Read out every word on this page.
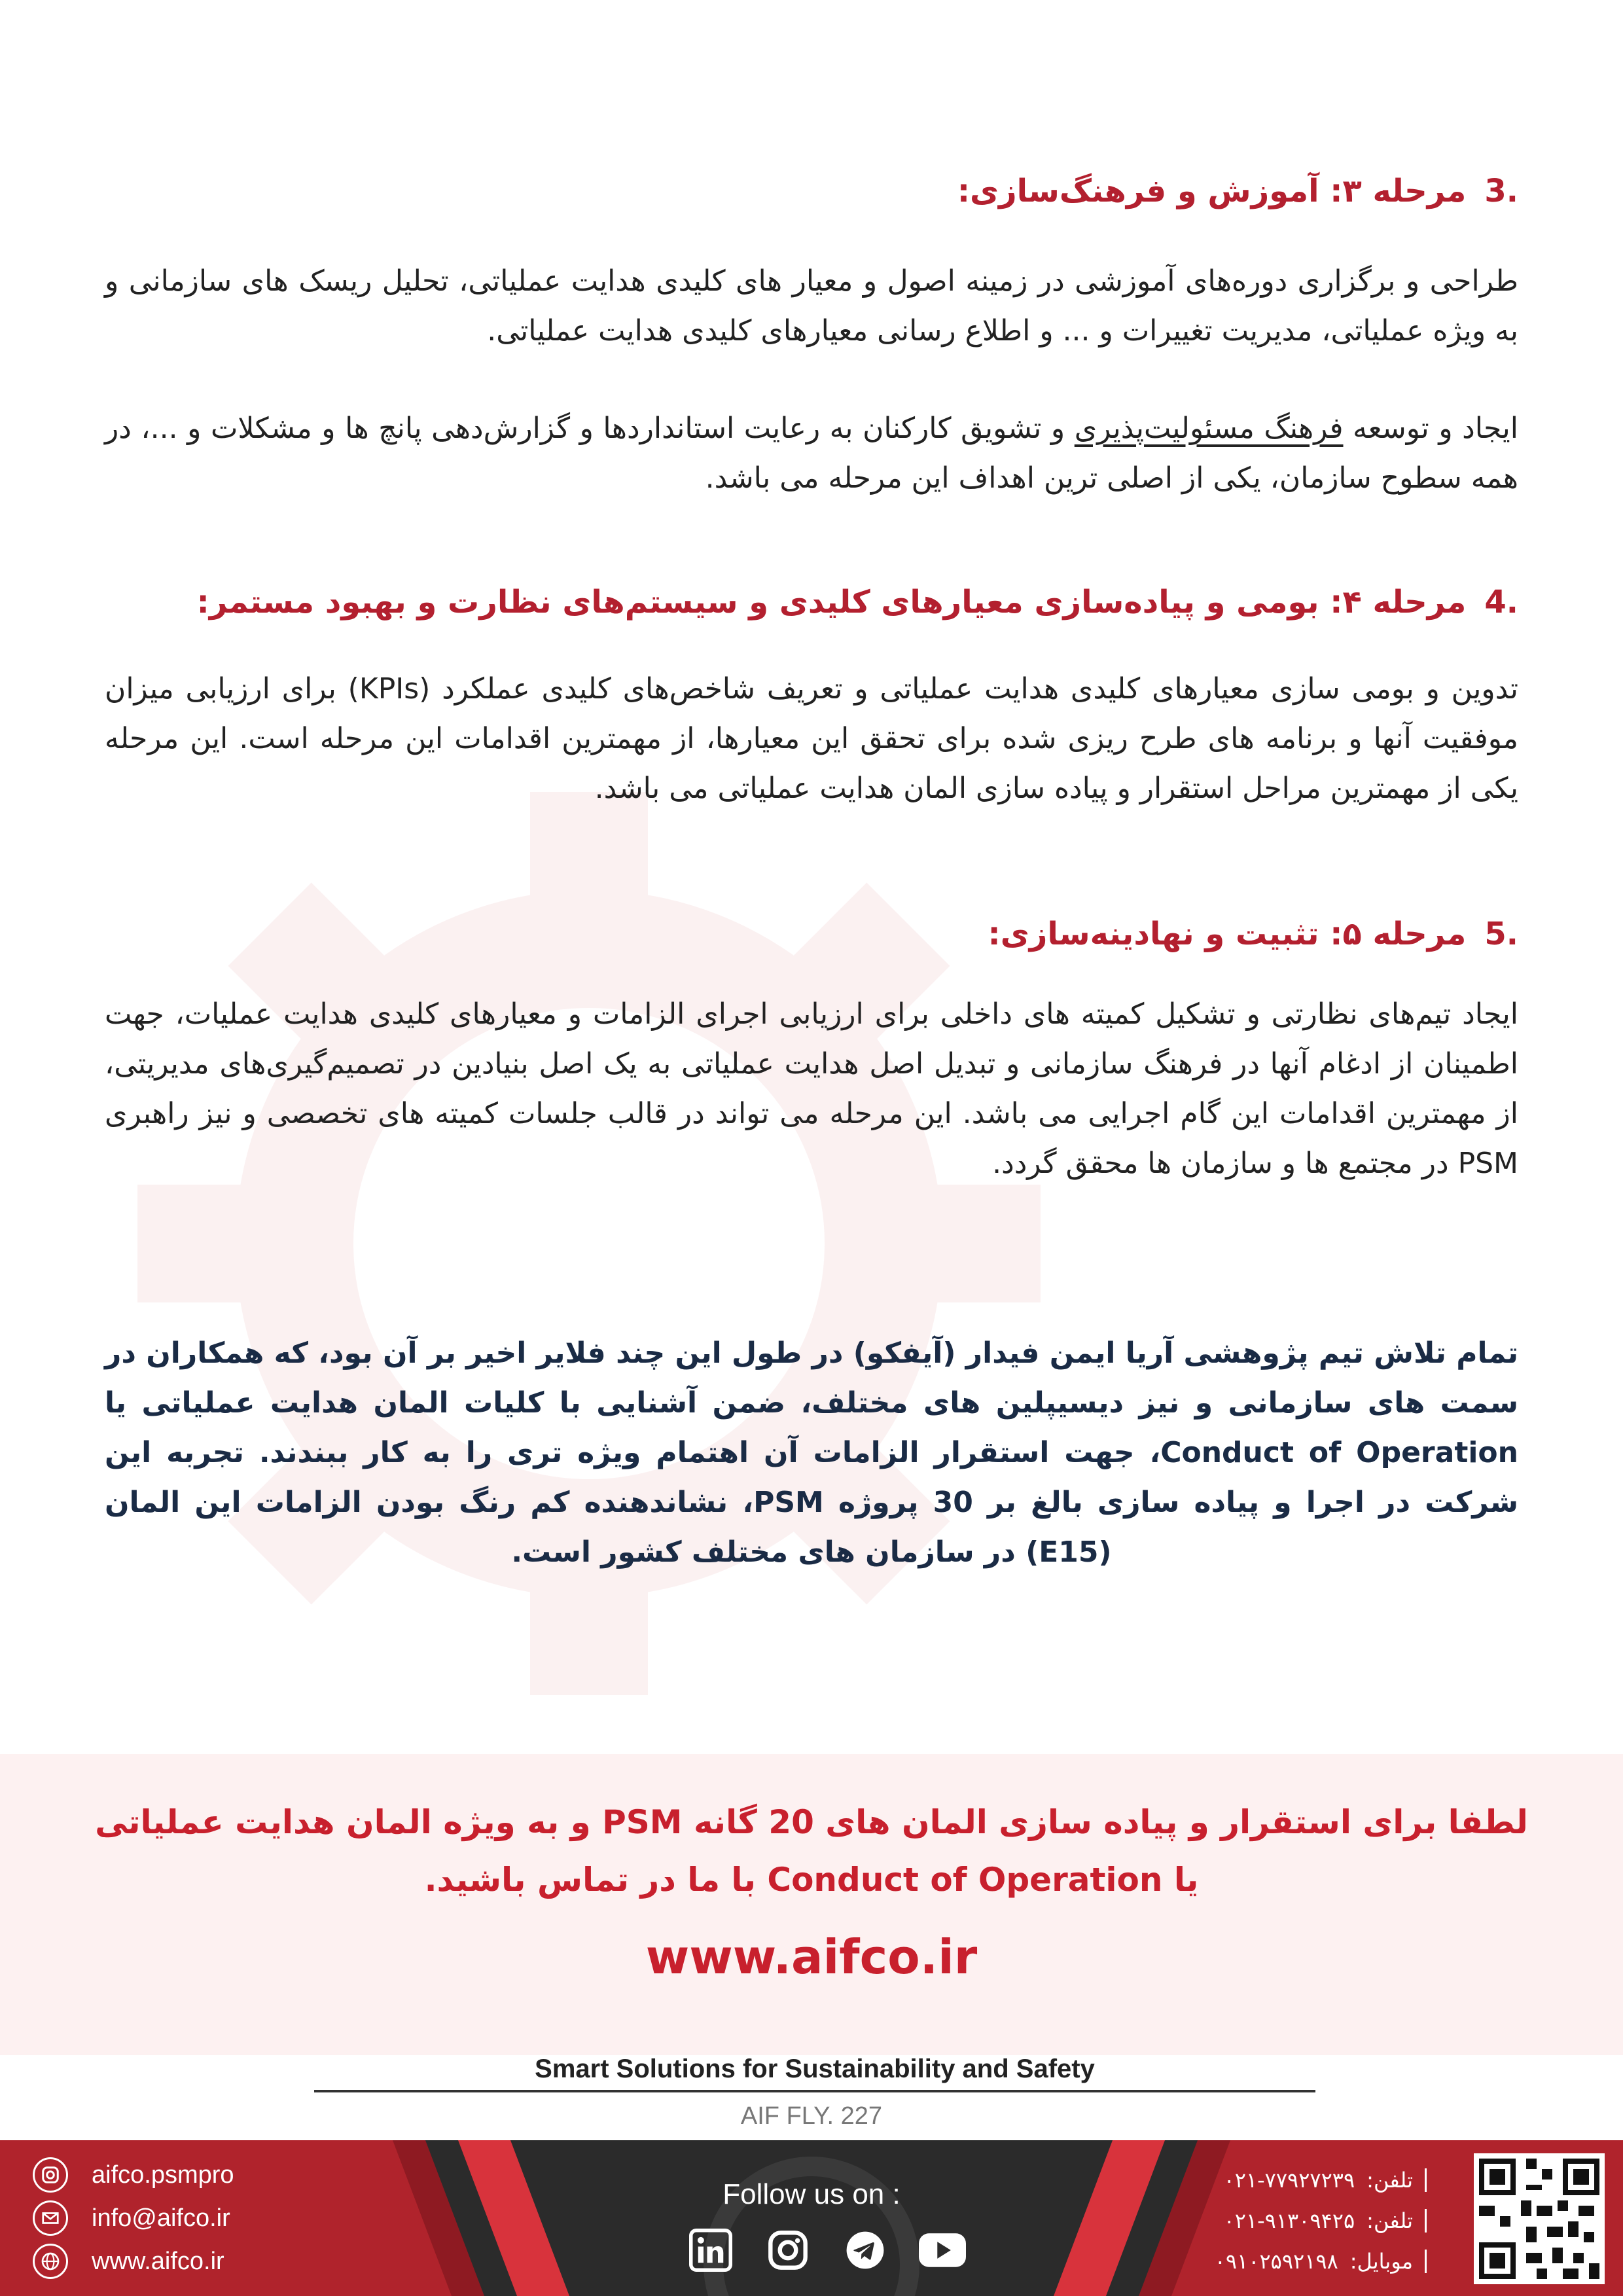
3.مرحله ۳: آموزش و فرهنگ‌سازی:
طراحی و برگزاری دوره‌های آموزشی در زمینه اصول و معیار های کلیدی هدایت عملیاتی، تحلیل ریسک های سازمانی و به ویژه عملیاتی، مدیریت تغییرات و ... و اطلاع رسانی معیارهای کلیدی هدایت عملیاتی.
ایجاد و توسعه فرهنگ مسئولیت‌پذیری و تشویق کارکنان به رعایت استانداردها و گزارش‌دهی پانچ ها و مشکلات و ...، در همه سطوح سازمان، یکی از اصلی ترین اهداف این مرحله می باشد.
4.مرحله ۴: بومی و پیاده‌سازی معیارهای کلیدی و سیستم‌های نظارت و بهبود مستمر:
تدوین و بومی سازی معیارهای کلیدی هدایت عملیاتی و تعریف شاخص‌های کلیدی عملکرد (KPIs) برای ارزیابی میزان موفقیت آنها و برنامه های طرح ریزی شده برای تحقق این معیارها، از مهمترین اقدامات این مرحله است. این مرحله یکی از مهمترین مراحل استقرار و پیاده سازی المان هدایت عملیاتی می باشد.
5.مرحله ۵: تثبیت و نهادینه‌سازی:
ایجاد تیم‌های نظارتی و تشکیل کمیته های داخلی برای ارزیابی اجرای الزامات و معیارهای کلیدی هدایت عملیات، جهت اطمینان از ادغام آنها در فرهنگ سازمانی و تبدیل اصل هدایت عملیاتی به یک اصل بنیادین در تصمیم‌گیری‌های مدیریتی، از مهمترین اقدامات این گام اجرایی می باشد. این مرحله می تواند در قالب جلسات کمیته های تخصصی و نیز راهبری PSM در مجتمع ها و سازمان ها محقق گردد.
تمام تلاش تیم پژوهشی آریا ایمن فیدار (آیفکو) در طول این چند فلایر اخیر بر آن بود، که همکاران در سمت های سازمانی و نیز دیسیپلین های مختلف، ضمن آشنایی با کلیات المان هدایت عملیاتی یا Conduct of Operation، جهت استقرار الزامات آن اهتمام ویژه تری را به کار ببندند. تجربه این شرکت در اجرا و پیاده سازی بالغ بر 30 پروژه PSM، نشاندهنده کم رنگ بودن الزامات این المان (E15) در سازمان های مختلف کشور است.
لطفا برای استقرار و پیاده سازی المان های 20 گانه PSM و به ویژه المان هدایت عملیاتی
یا Conduct of Operation با ما در تماس باشید.
www.aifco.ir
Smart Solutions for Sustainability and Safety
AIF FLY. 227
aifco.psmpro
info@aifco.ir
www.aifco.ir
تلفن:
۰۲۱-۷۷۹۲۷۲۳۹
تلفن:
۰۲۱-۹۱۳۰۹۴۲۵
موبایل:
۰۹۱۰۲۵۹۲۱۹۸
Follow us on :
